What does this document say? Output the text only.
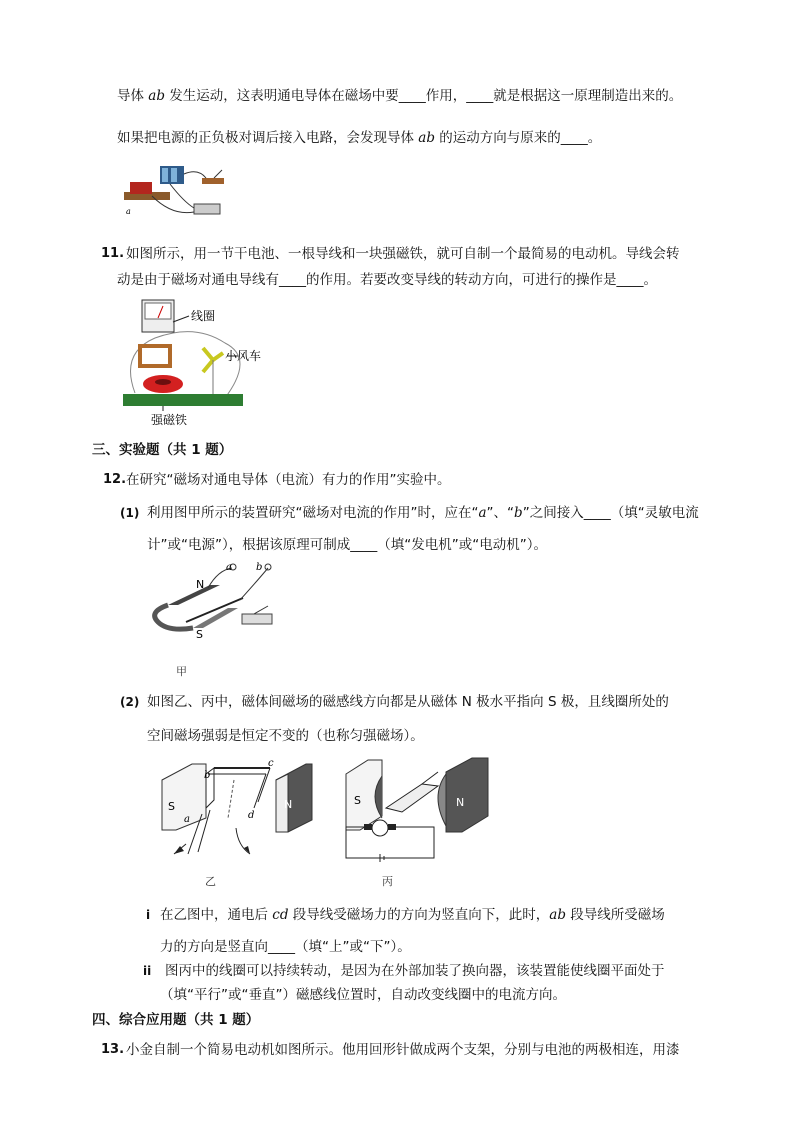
导体 ab 发生运动，这表明通电导体在磁场中要____作用，____就是根据这一原理制造出来的。
如果把电源的正负极对调后接入电路，会发现导体 ab 的运动方向与原来的____。
a
11. 如图所示，用一节干电池、一根导线和一块强磁铁，就可自制一个最简易的电动机。导线会转
动是由于磁场对通电导线有____的作用。若要改变导线的转动方向，可进行的操作是____。
线圈
小风车
强磁铁
三、实验题（共 1 题）
12. 在研究“磁场对通电导体（电流）有力的作用”实验中。
(1) 利用图甲所示的装置研究“磁场对电流的作用”时，应在“a”、“b”之间接入____（填“灵敏电流
计”或“电源”），根据该原理可制成____（填“发电机”或“电动机”）。
N
S
a b
甲
(2) 如图乙、丙中，磁体间磁场的磁感线方向都是从磁体 N 极水平指向 S 极，且线圈所处的
空间磁场强弱是恒定不变的（也称匀强磁场）。
S	N
a
b
c
d
乙
S	N
丙
i 在乙图中，通电后 cd 段导线受磁场力的方向为竖直向下，此时，ab 段导线所受磁场
力的方向是竖直向____（填“上”或“下”）。
ii 图丙中的线圈可以持续转动，是因为在外部加装了换向器，该装置能使线圈平面处于
（填“平行”或“垂直”）磁感线位置时，自动改变线圈中的电流方向。
四、综合应用题（共 1 题）
13. 小金自制一个简易电动机如图所示。他用回形针做成两个支架，分别与电池的两极相连，用漆
